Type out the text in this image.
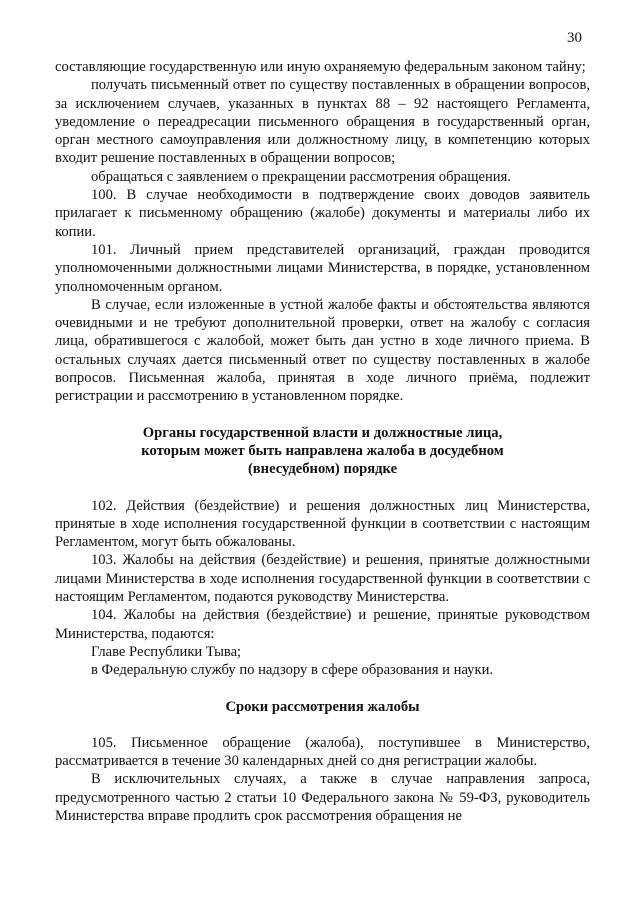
30

составляющие государственную или иную охраняемую федеральным законом тайну;

получать письменный ответ по существу поставленных в обращении вопросов, за исключением случаев, указанных в пунктах 88 – 92 настоящего Регламента, уведомление о переадресации письменного обращения в государственный орган, орган местного самоуправления или должностному лицу, в компетенцию которых входит решение поставленных в обращении вопросов;

обращаться с заявлением о прекращении рассмотрения обращения.

100. В случае необходимости в подтверждение своих доводов заявитель прилагает к письменному обращению (жалобе) документы и материалы либо их копии.

101. Личный прием представителей организаций, граждан проводится уполномоченными должностными лицами Министерства, в порядке, установленном уполномоченным органом.

В случае, если изложенные в устной жалобе факты и обстоятельства являются очевидными и не требуют дополнительной проверки, ответ на жалобу с согласия лица, обратившегося с жалобой, может быть дан устно в ходе личного приема. В остальных случаях дается письменный ответ по существу поставленных в жалобе вопросов. Письменная жалоба, принятая в ходе личного приёма, подлежит регистрации и рассмотрению в установленном порядке.

Органы государственной власти и должностные лица,
которым может быть направлена жалоба в досудебном
(внесудебном) порядке

102. Действия (бездействие) и решения должностных лиц Министерства, принятые в ходе исполнения государственной функции в соответствии с настоящим Регламентом, могут быть обжалованы.

103. Жалобы на действия (бездействие) и решения, принятые должностными лицами Министерства в ходе исполнения государственной функции в соответствии с настоящим Регламентом, подаются руководству Министерства.

104. Жалобы на действия (бездействие) и решение, принятые руководством Министерства, подаются:

Главе Республики Тыва;

в Федеральную службу по надзору в сфере образования и науки.

Сроки рассмотрения жалобы

105. Письменное обращение (жалоба), поступившее в Министерство, рассматривается в течение 30 календарных дней со дня регистрации жалобы.

В исключительных случаях, а также в случае направления запроса, предусмотренного частью 2 статьи 10 Федерального закона № 59-ФЗ, руководитель Министерства вправе продлить срок рассмотрения обращения не
